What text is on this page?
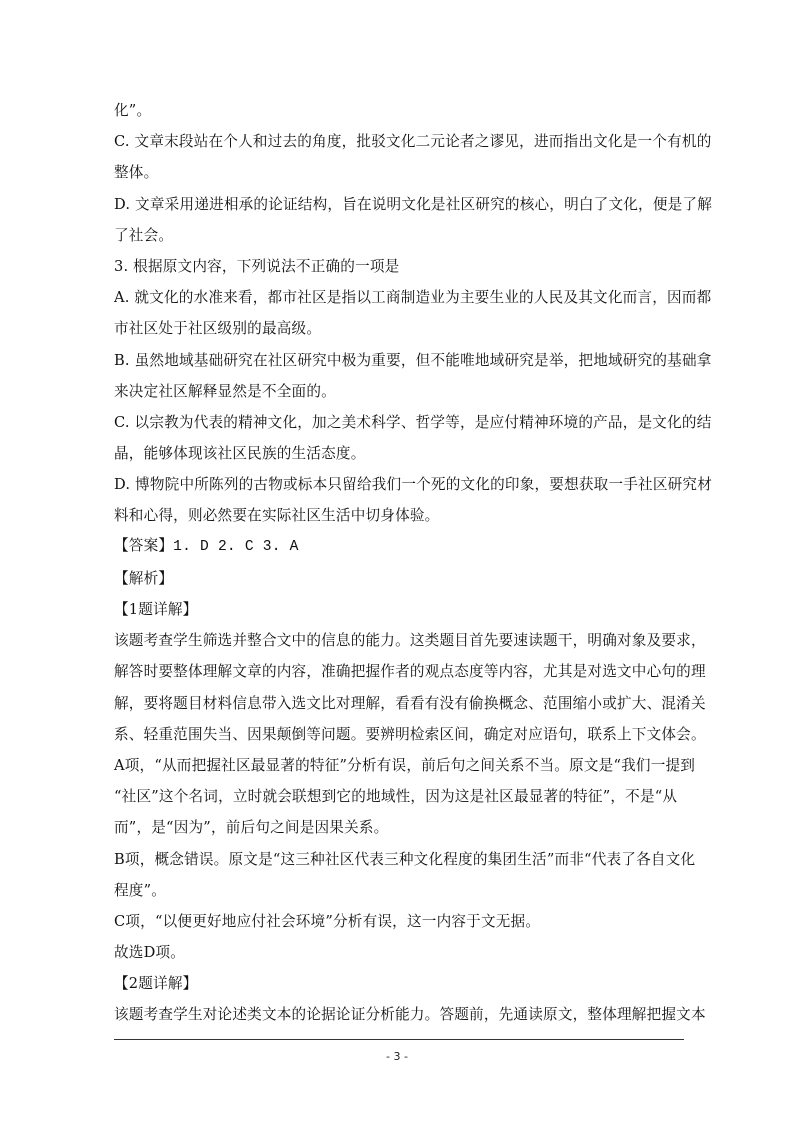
化”。
C. 文章末段站在个人和过去的角度，批驳文化二元论者之谬见，进而指出文化是一个有机的
整体。
D. 文章采用递进相承的论证结构，旨在说明文化是社区研究的核心，明白了文化，便是了解
了社会。
3. 根据原文内容，下列说法不正确的一项是
A. 就文化的水准来看，都市社区是指以工商制造业为主要生业的人民及其文化而言，因而都
市社区处于社区级别的最高级。
B. 虽然地域基础研究在社区研究中极为重要，但不能唯地域研究是举，把地域研究的基础拿
来决定社区解释显然是不全面的。
C. 以宗教为代表的精神文化，加之美术科学、哲学等，是应付精神环境的产品，是文化的结
晶，能够体现该社区民族的生活态度。
D. 博物院中所陈列的古物或标本只留给我们一个死的文化的印象，要想获取一手社区研究材
料和心得，则必然要在实际社区生活中切身体验。
【答案】1. D 2. C 3. A
【解析】
【1题详解】
该题考查学生筛选并整合文中的信息的能力。这类题目首先要速读题干，明确对象及要求，
解答时要整体理解文章的内容，准确把握作者的观点态度等内容，尤其是对选文中心句的理
解，要将题目材料信息带入选文比对理解，看看有没有偷换概念、范围缩小或扩大、混淆关
系、轻重范围失当、因果颠倒等问题。要辨明检索区间，确定对应语句，联系上下文体会。
A项，“从而把握社区最显著的特征”分析有误，前后句之间关系不当。原文是“我们一提到
“社区”这个名词，立时就会联想到它的地域性，因为这是社区最显著的特征”，不是“从
而”，是“因为”，前后句之间是因果关系。
B项，概念错误。原文是“这三种社区代表三种文化程度的集团生活”而非“代表了各自文化
程度”。
C项，“以便更好地应付社会环境”分析有误，这一内容于文无据。
故选D项。
【2题详解】
该题考查学生对论述类文本的论据论证分析能力。答题前，先通读原文，整体理解把握文本
- 3 -
